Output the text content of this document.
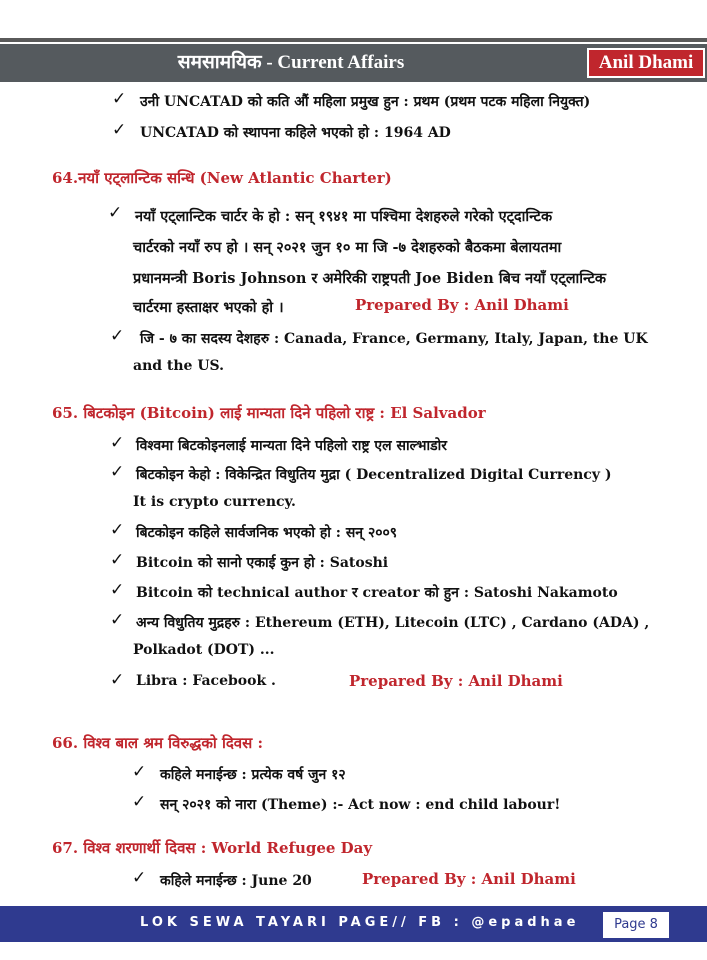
समसामयिक - Current Affairs	Anil Dhami
✓ उनी UNCATAD को कति औं महिला प्रमुख हुन : प्रथम (प्रथम पटक महिला नियुक्त)
✓ UNCATAD को स्थापना कहिले भएको हो : 1964 AD
64.नयाँ एट्लान्टिक सन्धि (New Atlantic Charter)
✓ नयाँ एट्लान्टिक चार्टर के हो : सन् १९४१ मा पश्चिमा देशहरुले गरेको एट्दान्टिक
चार्टरको नयाँ रुप हो । सन् २०२१ जुन १० मा जि -७ देशहरुको बैठकमा बेलायतमा
प्रधानमन्त्री Boris Johnson र अमेरिकी राष्ट्रपती Joe Biden बिच नयाँ एट्लान्टिक
चार्टरमा हस्ताक्षर भएको हो ।	Prepared By : Anil Dhami
✓ जि - ७ का सदस्य देशहरु : Canada, France, Germany, Italy, Japan, the UK
and the US.
65. बिटकोइन (Bitcoin) लाई मान्यता दिने पहिलो राष्ट्र : El Salvador
✓ विश्वमा बिटकोइनलाई मान्यता दिने पहिलो राष्ट्र एल साल्भाडोर
✓ बिटकोइन केहो : विकेन्द्रित विधुतिय मुद्रा ( Decentralized Digital Currency )
It is crypto currency.
✓ बिटकोइन कहिले सार्वजनिक भएको हो : सन् २००९
✓ Bitcoin को सानो एकाई कुन हो : Satoshi
✓ Bitcoin को technical author र creator को हुन : Satoshi Nakamoto
✓ अन्य विधुतिय मुद्रहरु : Ethereum (ETH), Litecoin (LTC) , Cardano (ADA) ,
Polkadot (DOT) ...
✓ Libra : Facebook .	Prepared By : Anil Dhami
66. विश्व बाल श्रम विरुद्धको दिवस :
✓ कहिले मनाईन्छ : प्रत्येक वर्ष जुन १२
✓ सन् २०२१ को नारा (Theme) :- Act now : end child labour!
67. विश्व शरणार्थी दिवस : World Refugee Day
✓ कहिले मनाईन्छ : June 20	Prepared By : Anil Dhami
LOK SEWA TAYARI PAGE// FB : @epadhae	Page 8
